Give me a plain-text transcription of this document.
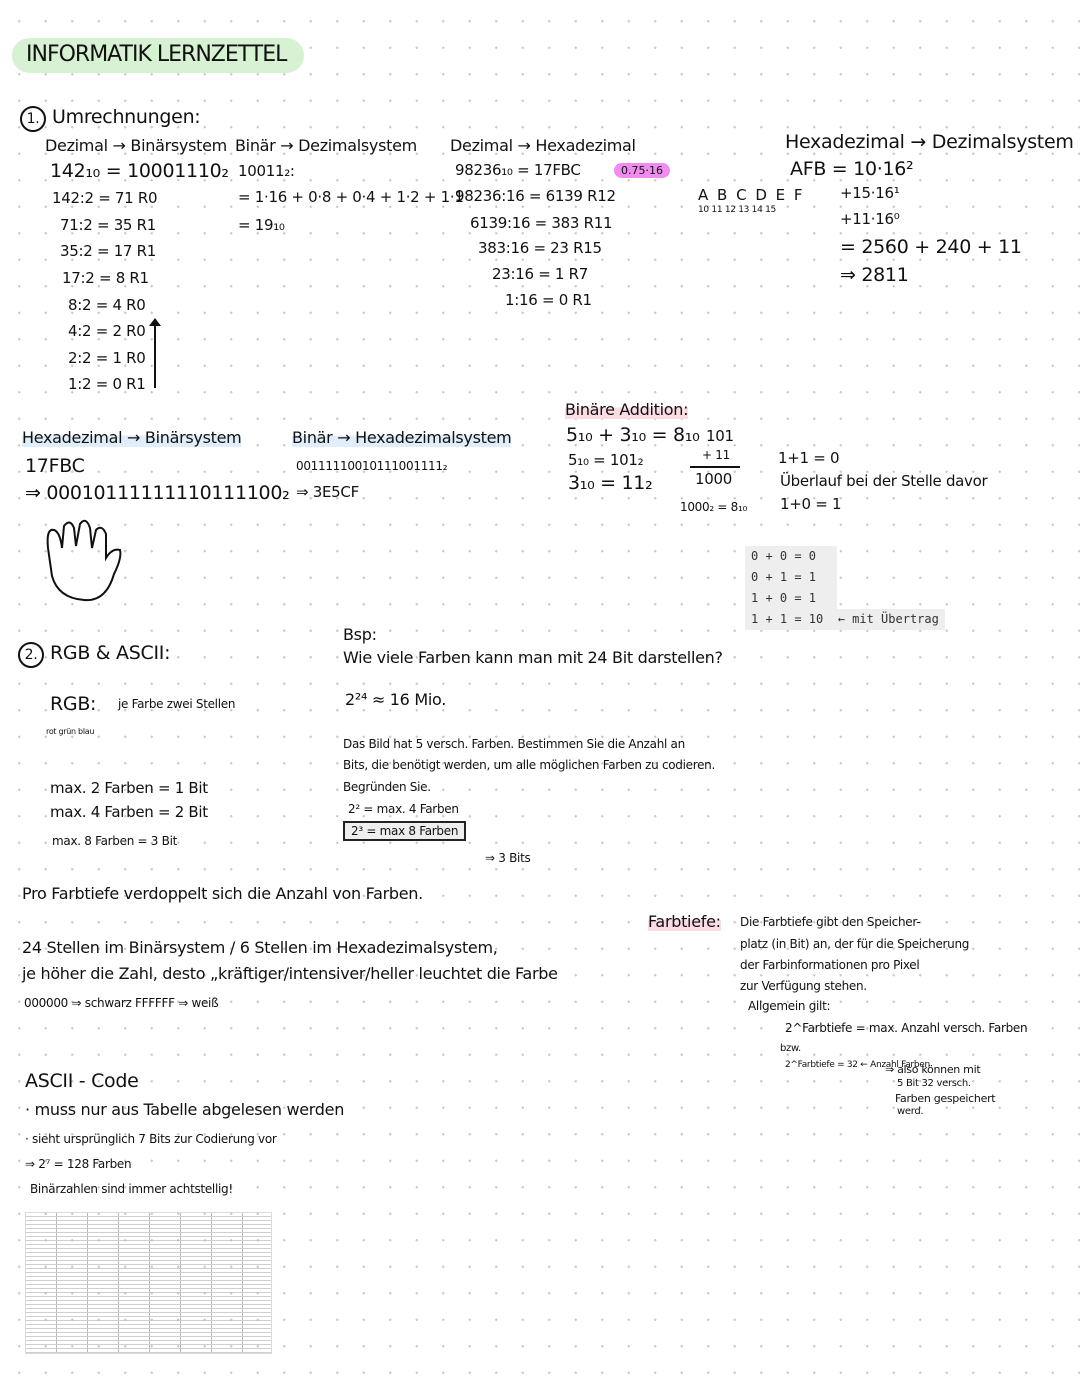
INFORMATIK LERNZETTEL
1. Umrechnungen:
Dezimal → Binärsystem
142₁₀ = 10001110₂
142:2 = 71 R0
71:2 = 35 R1
35:2 = 17 R1
17:2 = 8 R1
8:2 = 4 R0
4:2 = 2 R0
2:2 = 1 R0
1:2 = 0 R1
Binär → Dezimalsystem
10011₂:
= 1·16 + 0·8 + 0·4 + 1·2 + 1·1
= 19₁₀
Dezimal → Hexadezimal
98236₁₀ = 17FBC
98236:16 = 6139 R12
6139:16 = 383 R11
383:16 = 23 R15
23:16 = 1 R7
1:16 = 0 R1
0.75·16
A B C D E F
10 11 12 13 14 15
Hexadezimal → Dezimalsystem
AFB = 10·16²
+15·16¹
+11·16⁰
= 2560 + 240 + 11
⇒ 2811
Hexadezimal → Binärsystem
17FBC
⇒ 00010111111110111100₂
Binär → Hexadezimalsystem
00111110010111001111₂
⇒ 3E5CF
Binäre Addition:
5₁₀ + 3₁₀ = 8₁₀
5₁₀ = 101₂
3₁₀ = 11₂
101
+ 11
1000
1000₂ = 8₁₀
1+1 = 0
Überlauf bei der Stelle davor
1+0 = 1
0 + 0 = 0
0 + 1 = 1
1 + 0 = 1
1 + 1 = 10  ← mit Übertrag
2. RGB & ASCII:
RGB: je Farbe zwei Stellen
rot grün blau
max. 2 Farben = 1 Bit
max. 4 Farben = 2 Bit
max. 8 Farben = 3 Bit
Bsp:
Wie viele Farben kann man mit 24 Bit darstellen?
2²⁴ ≈ 16 Mio.
Das Bild hat 5 versch. Farben. Bestimmen Sie die Anzahl an
Bits, die benötigt werden, um alle möglichen Farben zu codieren.
Begründen Sie.
2² = max. 4 Farben
2³ = max 8 Farben
⇒ 3 Bits
Pro Farbtiefe verdoppelt sich die Anzahl von Farben.
24 Stellen im Binärsystem / 6 Stellen im Hexadezimalsystem,
je höher die Zahl, desto „kräftiger/intensiver/heller leuchtet die Farbe
000000 ⇒ schwarz FFFFFF ⇒ weiß
Farbtiefe: Die Farbtiefe gibt den Speicher-
platz (in Bit) an, der für die Speicherung
der Farbinformationen pro Pixel
zur Verfügung stehen.
Allgemein gilt:
2^Farbtiefe = max. Anzahl versch. Farben
bzw.
2^Farbtiefe = 32 ← Anzahl Farben
⇒ also können mit
5 Bit 32 versch.
Farben gespeichert
werd.
ASCII - Code
· muss nur aus Tabelle abgelesen werden
· sieht ursprünglich 7 Bits zur Codierung vor
⇒ 2⁷ = 128 Farben
Binärzahlen sind immer achtstellig!
